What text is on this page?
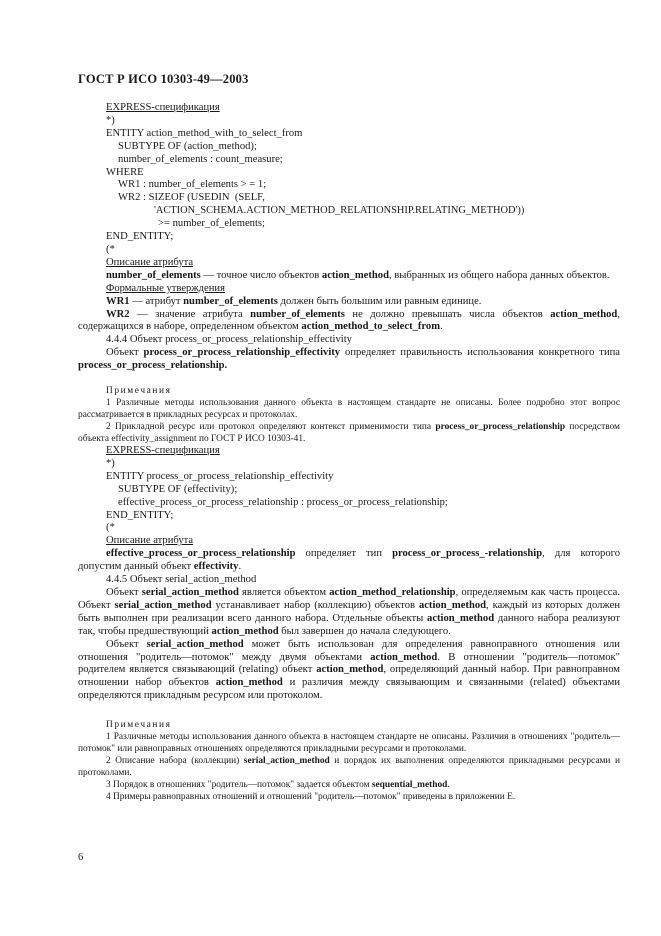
ГОСТ Р ИСО 10303-49—2003
EXPRESS-спецификация
*)
ENTITY action_method_with_to_select_from
SUBTYPE OF (action_method);
number_of_elements : count_measure;
WHERE
WR1 : number_of_elements > = 1;
WR2 : SIZEOF (USEDIN  (SELF,
'ACTION_SCHEMA.ACTION_METHOD_RELATIONSHIP.RELATING_METHOD'))
>= number_of_elements;
END_ENTITY;
(*
Описание атрибута

number_of_elements — точное число объектов action_method, выбранных из общего набора данных объектов.

Формальные утверждения

WR1 — атрибут number_of_elements должен быть большим или равным единице.

WR2 — значение атрибута number_of_elements не должно превышать числа объектов action_method, содержащихся в наборе, определенном объектом action_method_to_select_from.

4.4.4 Объект process_or_process_relationship_effectivity

Объект process_or_process_relationship_effectivity определяет правильность использования конкретного типа process_or_process_relationship.

Примечания

1 Различные методы использования данного объекта в настоящем стандарте не описаны. Более подробно этот вопрос рассматривается в прикладных ресурсах и протоколах.

2 Прикладной ресурс или протокол определяют контекст применимости типа process_or_process_relationship посредством объекта effectivity_assignment по ГОСТ Р ИСО 10303-41.

EXPRESS-спецификация
*)
ENTITY process_or_process_relationship_effectivity
SUBTYPE OF (effectivity);
effective_process_or_process_relationship : process_or_process_relationship;
END_ENTITY;
(*
Описание атрибута

effective_process_or_process_relationship определяет тип process_or_process_-relationship, для которого допустим данный объект effectivity.

4.4.5 Объект serial_action_method

Объект serial_action_method является объектом action_method_relationship, определяемым как часть процесса. Объект serial_action_method устанавливает набор (коллекцию) объектов action_method, каждый из которых должен быть выполнен при реализации всего данного набора. Отдельные объекты action_method данного набора реализуют так, чтобы предшествующий action_method был завершен до начала следующего.

Объект serial_action_method может быть использован для определения равноправного отношения или отношения "родитель—потомок" между двумя объектами action_method. В отношении "родитель—потомок" родителем является связывающий (relating) объект action_method, определяющий данный набор. При равноправном отношении набор объектов action_method и различия между связывающим и связанными (related) объектами определяются прикладным ресурсом или протоколом.

Примечания

1 Различные методы использования данного объекта в настоящем стандарте не описаны. Различия в отношениях "родитель—потомок" или равноправных отношениях определяются прикладными ресурсами и протоколами.

2 Описание набора (коллекции) serial_action_method и порядок их выполнения определяются прикладными ресурсами и протоколами.

3 Порядок в отношениях "родитель—потомок" задается объектом sequential_method.

4 Примеры равноправных отношений и отношений "родитель—потомок" приведены в приложении Е.

6
